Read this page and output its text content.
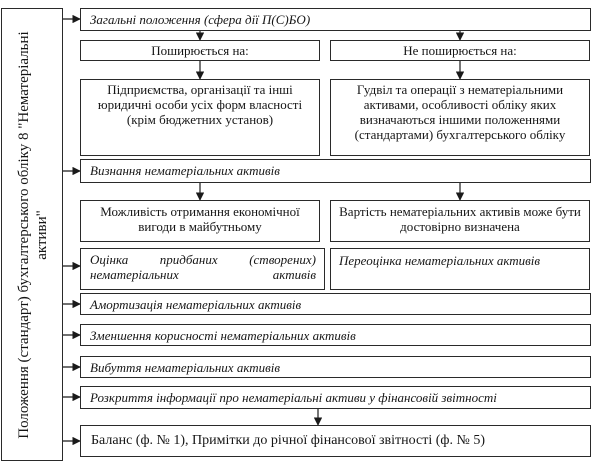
Положення (стандарт) бухгалтерського обліку 8 "Нематеріальні активи"
Загальні положення (сфера дії П(С)БО)
Поширюється на:	Не поширюється на:
Підприємства, організації та інші юридичні особи усіх форм власності (крім бюджетних установ)
Гудвіл та операції з нематеріальними активами, особливості обліку яких визначаються іншими положеннями (стандартами) бухгалтерського обліку
Визнання нематеріальних активів
Можливість отримання економічної вигоди в майбутньому
Вартість нематеріальних активів може бути достовірно визначена
Оцінка придбаних (створених) нематеріальних активів
Переоцінка нематеріальних активів
Амортизація нематеріальних активів
Зменшення корисності нематеріальних активів
Вибуття нематеріальних активів
Розкриття інформації про нематеріальні активи у фінансовій звітності
Баланс (ф. № 1), Примітки до річної фінансової звітності (ф. № 5)
